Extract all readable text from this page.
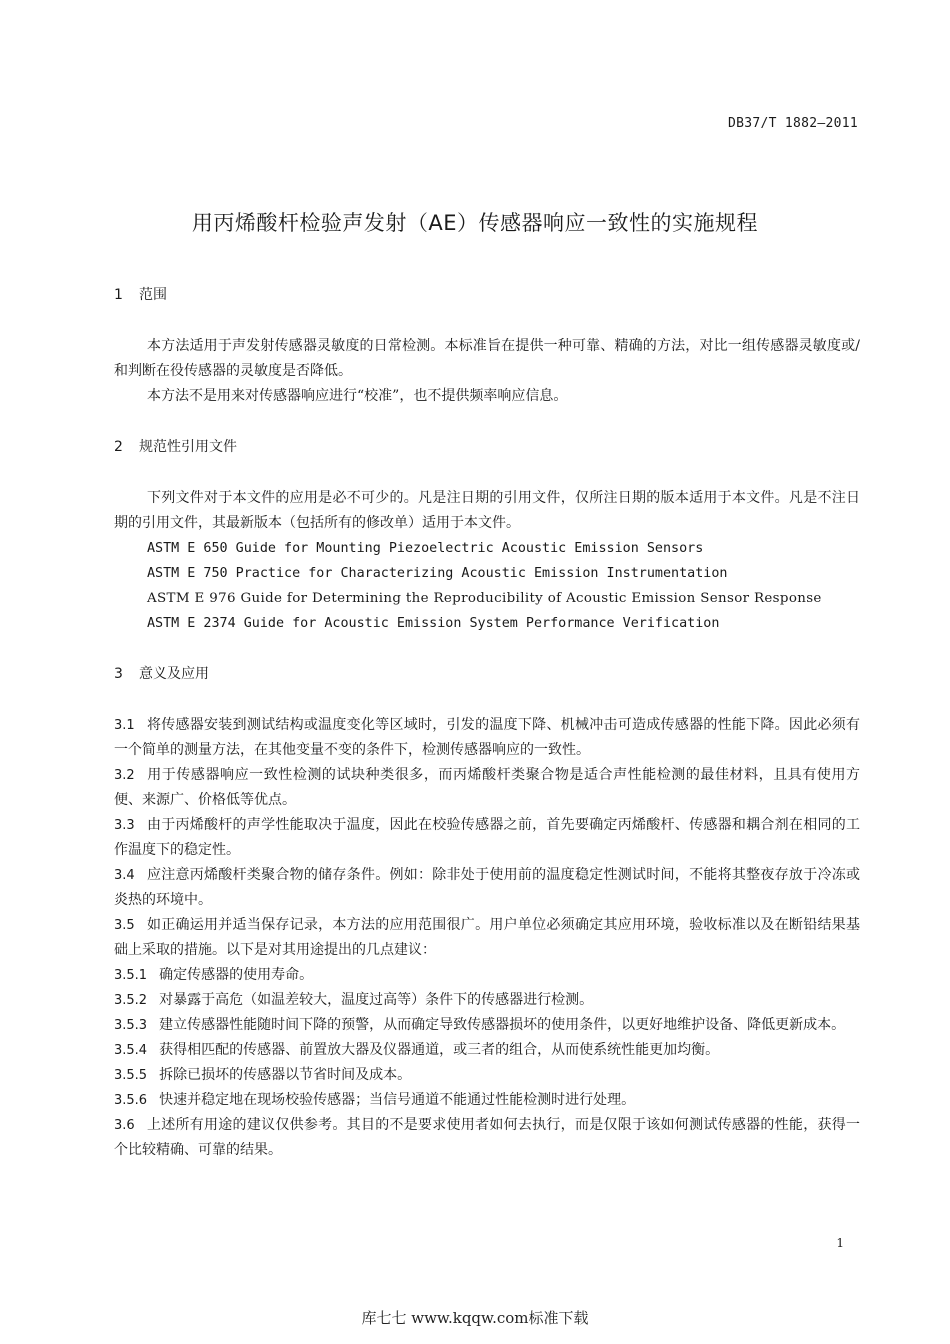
DB37/T 1882—2011
用丙烯酸杆检验声发射（AE）传感器响应一致性的实施规程
1 范围

本方法适用于声发射传感器灵敏度的日常检测。本标准旨在提供一种可靠、精确的方法，对比一组传感器灵敏度或/和判断在役传感器的灵敏度是否降低。

本方法不是用来对传感器响应进行“校准”，也不提供频率响应信息。

2 规范性引用文件

下列文件对于本文件的应用是必不可少的。凡是注日期的引用文件，仅所注日期的版本适用于本文件。凡是不注日期的引用文件，其最新版本（包括所有的修改单）适用于本文件。

ASTM E 650 Guide for Mounting Piezoelectric Acoustic Emission Sensors

ASTM E 750 Practice for Characterizing Acoustic Emission Instrumentation

ASTM E 976 Guide for Determining the Reproducibility of Acoustic Emission Sensor Response

ASTM E 2374 Guide for Acoustic Emission System Performance Verification

3 意义及应用

3.1 将传感器安装到测试结构或温度变化等区域时，引发的温度下降、机械冲击可造成传感器的性能下降。因此必须有一个简单的测量方法，在其他变量不变的条件下，检测传感器响应的一致性。

3.2 用于传感器响应一致性检测的试块种类很多，而丙烯酸杆类聚合物是适合声性能检测的最佳材料，且具有使用方便、来源广、价格低等优点。

3.3 由于丙烯酸杆的声学性能取决于温度，因此在校验传感器之前，首先要确定丙烯酸杆、传感器和耦合剂在相同的工作温度下的稳定性。

3.4 应注意丙烯酸杆类聚合物的储存条件。例如：除非处于使用前的温度稳定性测试时间，不能将其整夜存放于冷冻或炎热的环境中。

3.5 如正确运用并适当保存记录，本方法的应用范围很广。用户单位必须确定其应用环境，验收标准以及在断铅结果基础上采取的措施。以下是对其用途提出的几点建议：

3.5.1 确定传感器的使用寿命。

3.5.2 对暴露于高危（如温差较大，温度过高等）条件下的传感器进行检测。

3.5.3 建立传感器性能随时间下降的预警，从而确定导致传感器损坏的使用条件，以更好地维护设备、降低更新成本。

3.5.4 获得相匹配的传感器、前置放大器及仪器通道，或三者的组合，从而使系统性能更加均衡。

3.5.5 拆除已损坏的传感器以节省时间及成本。

3.5.6 快速并稳定地在现场校验传感器；当信号通道不能通过性能检测时进行处理。

3.6 上述所有用途的建议仅供参考。其目的不是要求使用者如何去执行，而是仅限于该如何测试传感器的性能，获得一个比较精确、可靠的结果。

1
库七七 www.kqqw.com标准下载
